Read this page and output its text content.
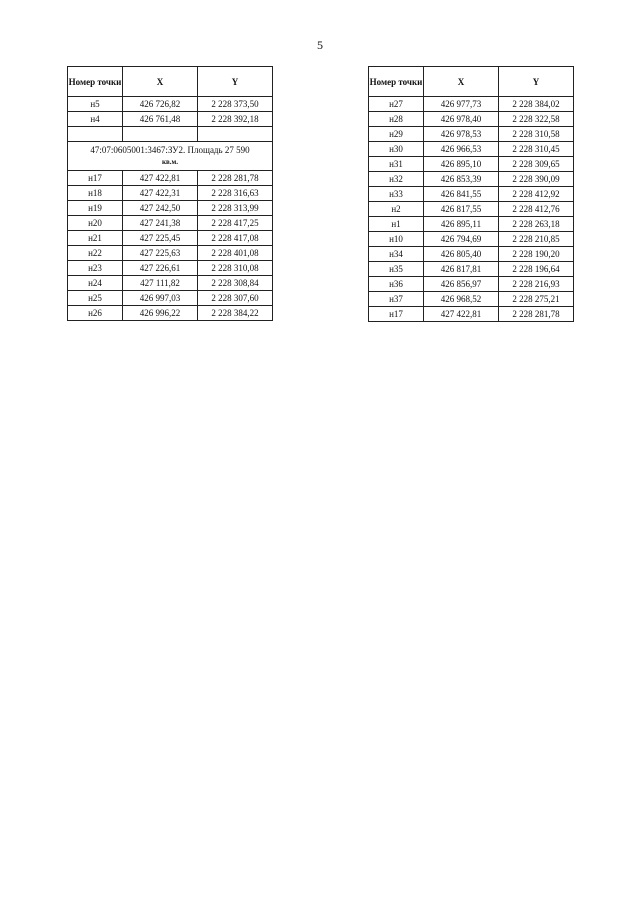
5
Номер точки	X	Y
н5	426 726,82	2 228 373,50
н4	426 761,48	2 228 392,18

47:07:0605001:3467:ЗУ2. Площадь 27 590
кв.м.		

н17	427 422,81	2 228 281,78
н18	427 422,31	2 228 316,63
н19	427 242,50	2 228 313,99
н20	427 241,38	2 228 417,25
н21	427 225,45	2 228 417,08
н22	427 225,63	2 228 401,08
н23	427 226,61	2 228 310,08
н24	427 111,82	2 228 308,84
н25	426 997,03	2 228 307,60
н26	426 996,22	2 228 384,22
Номер точки	X	Y
н27	426 977,73	2 228 384,02
н28	426 978,40	2 228 322,58
н29	426 978,53	2 228 310,58
н30	426 966,53	2 228 310,45
н31	426 895,10	2 228 309,65
н32	426 853,39	2 228 390,09
н33	426 841,55	2 228 412,92
н2	426 817,55	2 228 412,76
н1	426 895,11	2 228 263,18
н10	426 794,69	2 228 210,85
н34	426 805,40	2 228 190,20
н35	426 817,81	2 228 196,64
н36	426 856,97	2 228 216,93
н37	426 968,52	2 228 275,21
н17	427 422,81	2 228 281,78
